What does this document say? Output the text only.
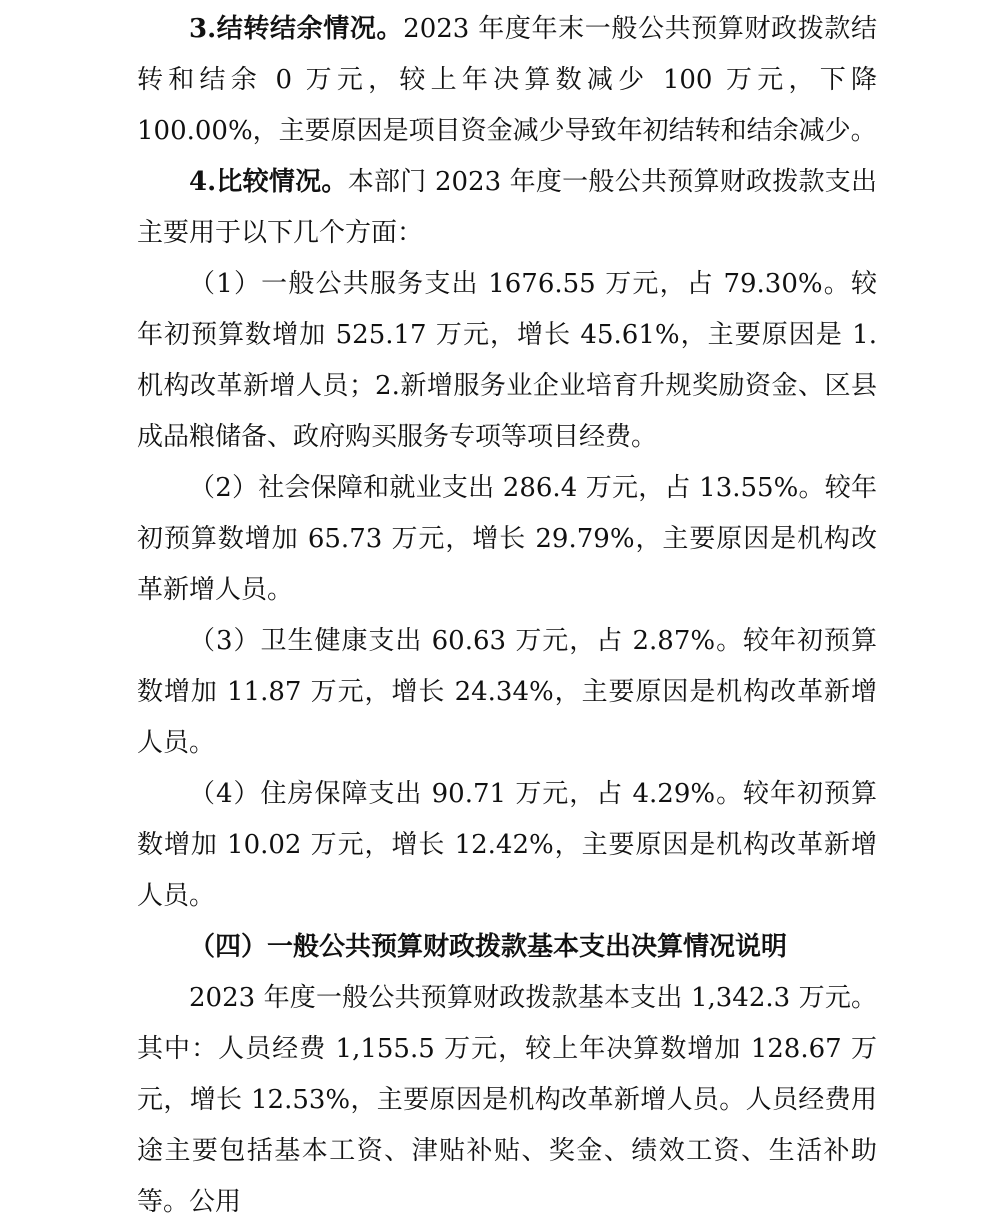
3.结转结余情况。2023 年度年末一般公共预算财政拨款结转和结余 0 万元，较上年决算数减少 100 万元，下降 100.00%，主要原因是项目资金减少导致年初结转和结余减少。

4.比较情况。本部门 2023 年度一般公共预算财政拨款支出主要用于以下几个方面：

（1）一般公共服务支出 1676.55 万元，占 79.30%。较年初预算数增加 525.17 万元，增长 45.61%，主要原因是 1.机构改革新增人员；2.新增服务业企业培育升规奖励资金、区县成品粮储备、政府购买服务专项等项目经费。

（2）社会保障和就业支出 286.4 万元，占 13.55%。较年初预算数增加 65.73 万元，增长 29.79%，主要原因是机构改革新增人员。

（3）卫生健康支出 60.63 万元，占 2.87%。较年初预算数增加 11.87 万元，增长 24.34%，主要原因是机构改革新增人员。

（4）住房保障支出 90.71 万元，占 4.29%。较年初预算数增加 10.02 万元，增长 12.42%，主要原因是机构改革新增人员。

（四）一般公共预算财政拨款基本支出决算情况说明

2023 年度一般公共预算财政拨款基本支出 1,342.3 万元。其中：人员经费 1,155.5 万元，较上年决算数增加 128.67 万元，增长 12.53%，主要原因是机构改革新增人员。人员经费用途主要包括基本工资、津贴补贴、奖金、绩效工资、生活补助等。公用
